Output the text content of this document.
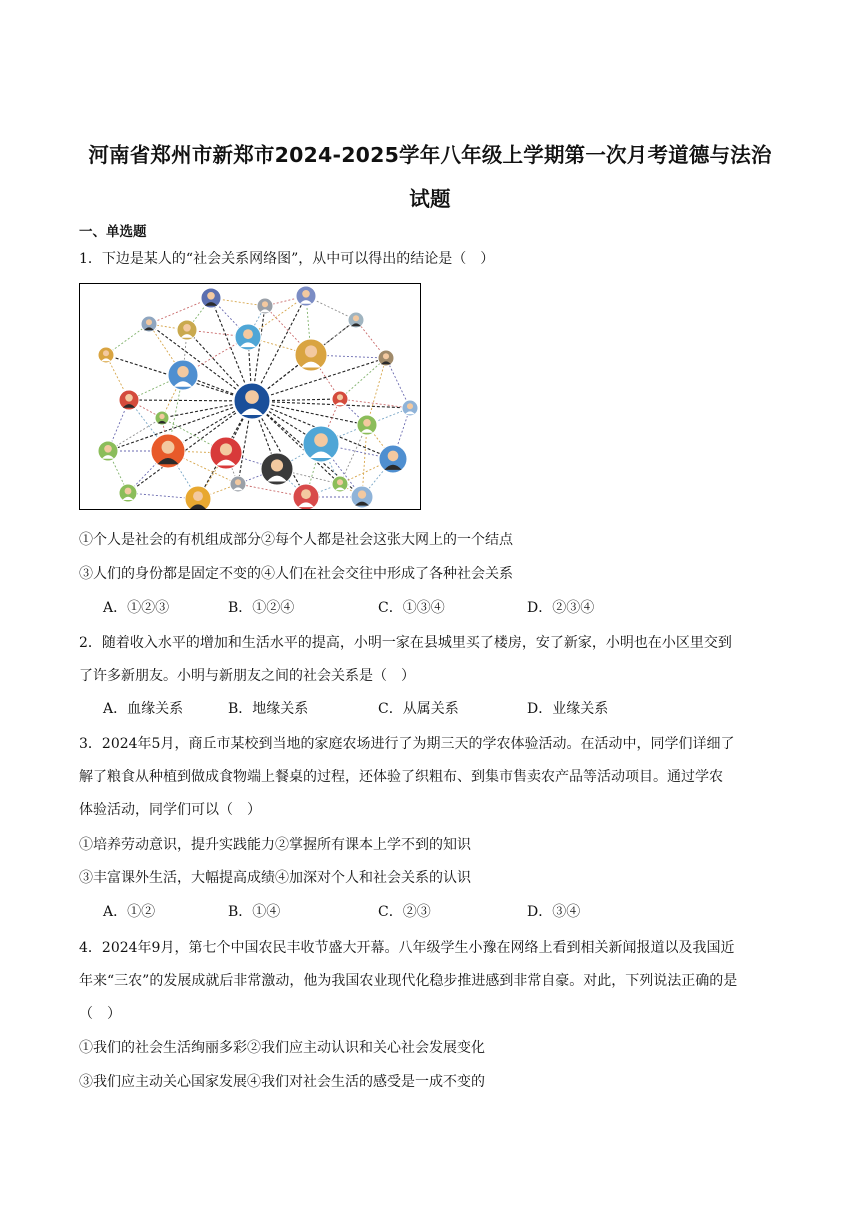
河南省郑州市新郑市2024-2025学年八年级上学期第一次月考道德与法治
试题
一、单选题
1．下边是某人的“社会关系网络图”，从中可以得出的结论是（　）
①个人是社会的有机组成部分②每个人都是社会这张大网上的一个结点
③人们的身份都是固定不变的④人们在社会交往中形成了各种社会关系
A．①②③	B．①②④	C．①③④	D．②③④
2．随着收入水平的增加和生活水平的提高，小明一家在县城里买了楼房，安了新家，小明也在小区里交到
了许多新朋友。小明与新朋友之间的社会关系是（　）
A．血缘关系	B．地缘关系	C．从属关系	D．业缘关系
3．2024年5月，商丘市某校到当地的家庭农场进行了为期三天的学农体验活动。在活动中，同学们详细了
解了粮食从种植到做成食物端上餐桌的过程，还体验了织粗布、到集市售卖农产品等活动项目。通过学农
体验活动，同学们可以（　）
①培养劳动意识，提升实践能力②掌握所有课本上学不到的知识
③丰富课外生活，大幅提高成绩④加深对个人和社会关系的认识
A．①②	B．①④	C．②③	D．③④
4．2024年9月，第七个中国农民丰收节盛大开幕。八年级学生小豫在网络上看到相关新闻报道以及我国近
年来“三农”的发展成就后非常激动，他为我国农业现代化稳步推进感到非常自豪。对此，下列说法正确的是
（　）
①我们的社会生活绚丽多彩②我们应主动认识和关心社会发展变化
③我们应主动关心国家发展④我们对社会生活的感受是一成不变的
